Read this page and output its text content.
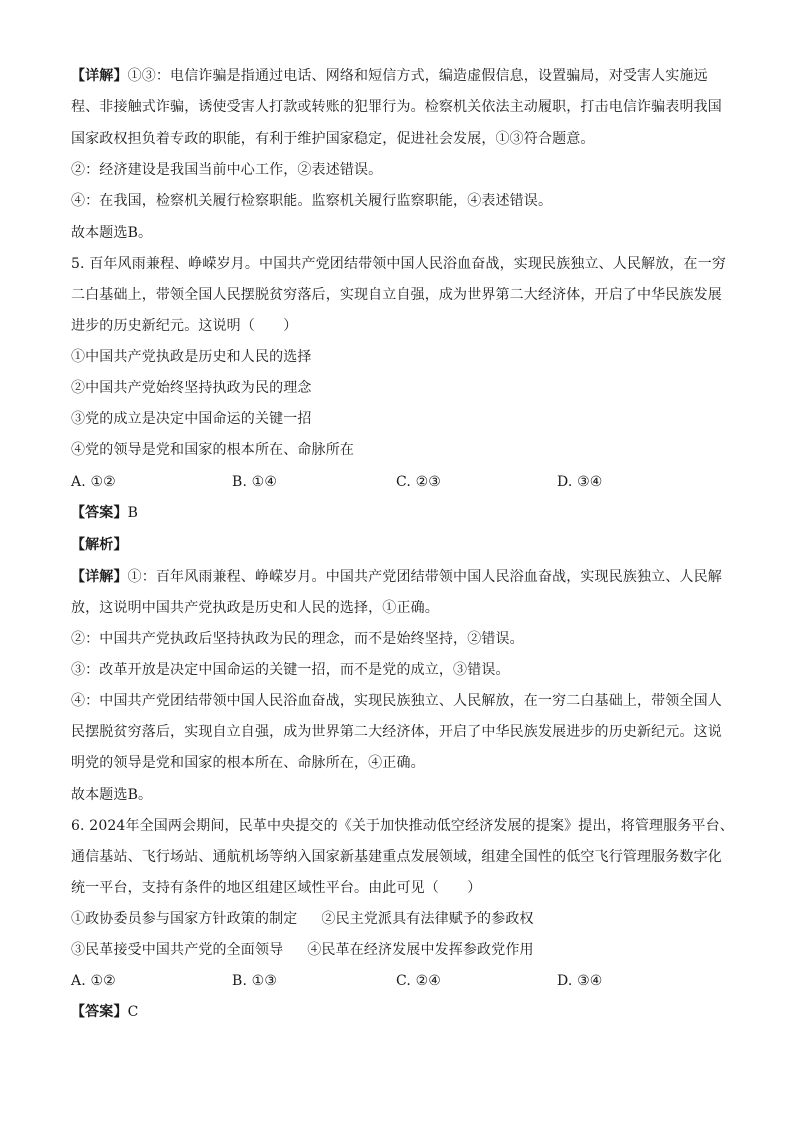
【详解】①③：电信诈骗是指通过电话、网络和短信方式，编造虚假信息，设置骗局，对受害人实施远

程、非接触式诈骗，诱使受害人打款或转账的犯罪行为。检察机关依法主动履职，打击电信诈骗表明我国

国家政权担负着专政的职能，有利于维护国家稳定，促进社会发展，①③符合题意。

②：经济建设是我国当前中心工作，②表述错误。

④：在我国，检察机关履行检察职能。监察机关履行监察职能，④表述错误。

故本题选B。

5. 百年风雨兼程、峥嵘岁月。中国共产党团结带领中国人民浴血奋战，实现民族独立、人民解放，在一穷

二白基础上，带领全国人民摆脱贫穷落后，实现自立自强，成为世界第二大经济体，开启了中华民族发展

进步的历史新纪元。这说明（　　）

①中国共产党执政是历史和人民的选择

②中国共产党始终坚持执政为民的理念

③党的成立是决定中国命运的关键一招

④党的领导是党和国家的根本所在、命脉所在

A. ①②	B. ①④	C. ②③	D. ③④

【答案】B

【解析】

【详解】①：百年风雨兼程、峥嵘岁月。中国共产党团结带领中国人民浴血奋战，实现民族独立、人民解

放，这说明中国共产党执政是历史和人民的选择，①正确。

②：中国共产党执政后坚持执政为民的理念，而不是始终坚持，②错误。

③：改革开放是决定中国命运的关键一招，而不是党的成立，③错误。

④：中国共产党团结带领中国人民浴血奋战，实现民族独立、人民解放，在一穷二白基础上，带领全国人

民摆脱贫穷落后，实现自立自强，成为世界第二大经济体，开启了中华民族发展进步的历史新纪元。这说

明党的领导是党和国家的根本所在、命脉所在，④正确。

故本题选B。

6. 2024年全国两会期间，民革中央提交的《关于加快推动低空经济发展的提案》提出，将管理服务平台、

通信基站、飞行场站、通航机场等纳入国家新基建重点发展领域，组建全国性的低空飞行管理服务数字化

统一平台，支持有条件的地区组建区域性平台。由此可见（　　）

①政协委员参与国家方针政策的制定 ②民主党派具有法律赋予的参政权

③民革接受中国共产党的全面领导 ④民革在经济发展中发挥参政党作用

A. ①②	B. ①③	C. ②④	D. ③④

【答案】C
